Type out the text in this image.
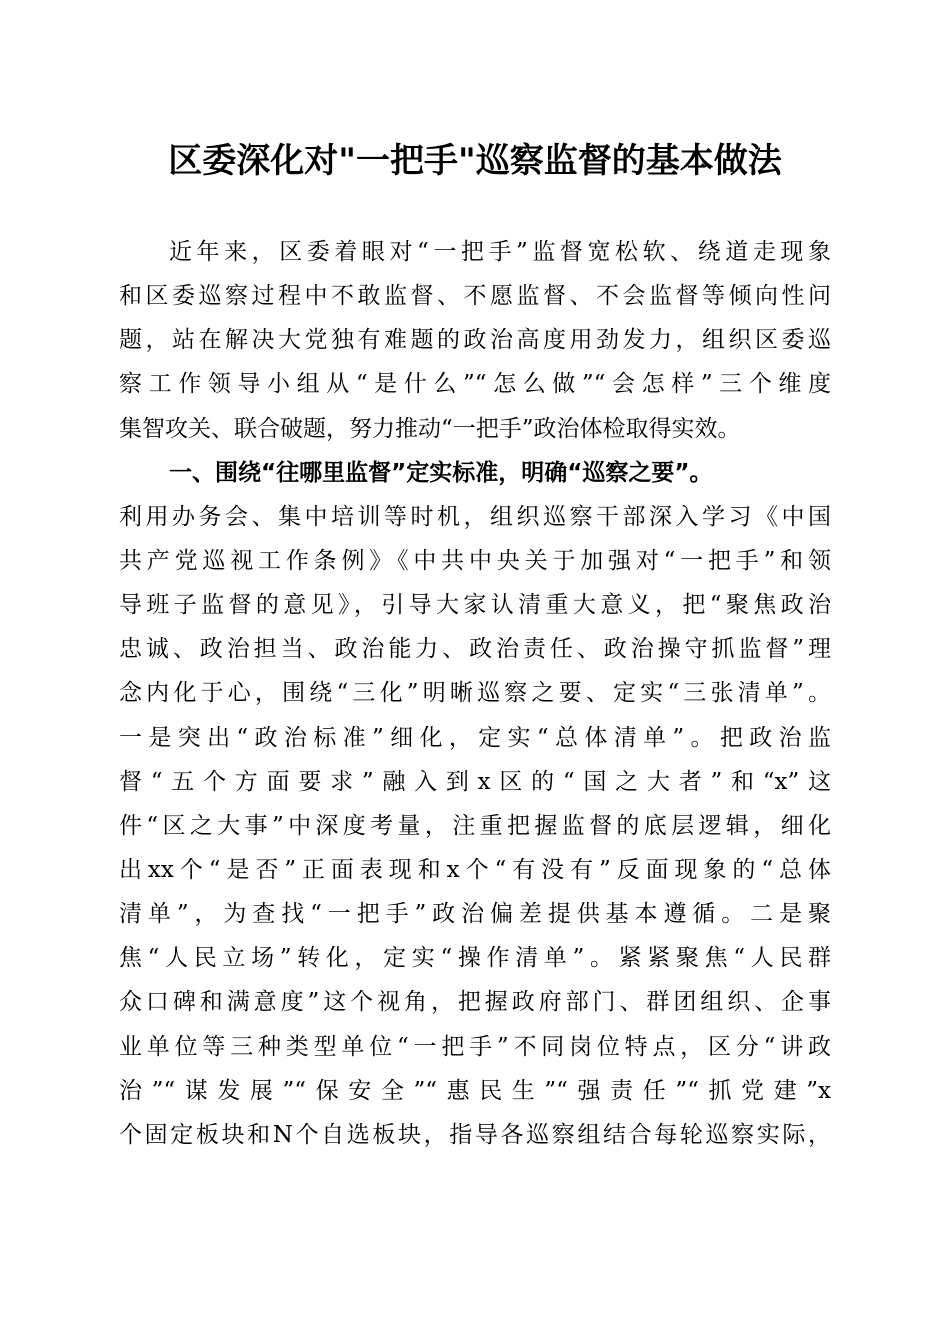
区委深化对"一把手"巡察监督的基本做法
近年来，区委着眼对“一把手”监督宽松软、绕道走现象
和区委巡察过程中不敢监督、不愿监督、不会监督等倾向性问
题，站在解决大党独有难题的政治高度用劲发力，组织区委巡
察工作领导小组从“是什么”“怎么做”“会怎样”三个维度
集智攻关、联合破题，努力推动“一把手”政治体检取得实效。
一、围绕“往哪里监督”定实标准，明确“巡察之要”。
利用办务会、集中培训等时机，组织巡察干部深入学习《中国
共产党巡视工作条例》《中共中央关于加强对“一把手”和领
导班子监督的意见》，引导大家认清重大意义，把“聚焦政治
忠诚、政治担当、政治能力、政治责任、政治操守抓监督”理
念内化于心，围绕“三化”明晰巡察之要、定实“三张清单”。
一是突出“政治标准”细化，定实“总体清单”。把政治监
督“五个方面要求”融入到x区的“国之大者”和“x”这
件“区之大事”中深度考量，注重把握监督的底层逻辑，细化
出xx个“是否”正面表现和x个“有没有”反面现象的“总体
清单”，为查找“一把手”政治偏差提供基本遵循。二是聚
焦“人民立场”转化，定实“操作清单”。紧紧聚焦“人民群
众口碑和满意度”这个视角，把握政府部门、群团组织、企事
业单位等三种类型单位“一把手”不同岗位特点，区分“讲政
治”“谋发展”“保安全”“惠民生”“强责任”“抓党建”x
个固定板块和N个自选板块，指导各巡察组结合每轮巡察实际，
